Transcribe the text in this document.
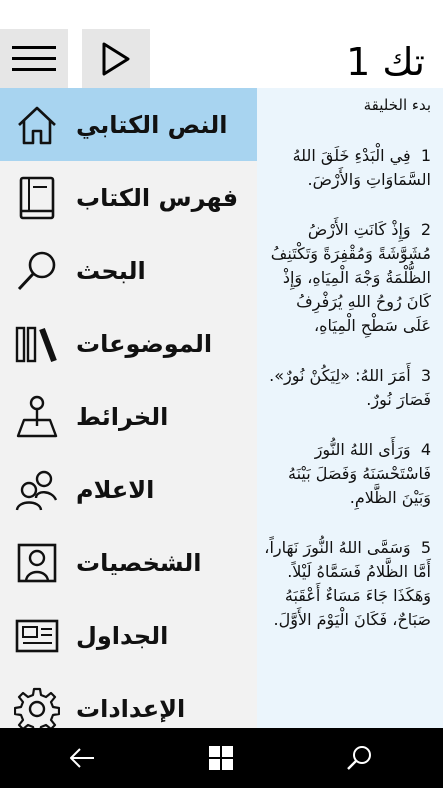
تك 1
النص الكتابي
فهرس الكتاب
البحث
الموضوعات
الخرائط
الاعلام
الشخصيات
الجداول
الإعدادات
بدء الخليقة
1  فِي الْبَدْءِ خَلَقَ اللهُ السَّمَاوَاتِ وَالأَرْضَ.
2  وَإِذْ كَانَتِ الأَرْضُ مُشَوَّشَةً وَمُقْفِرَةً وَتَكْتَنِفُ الظُّلْمَةُ وَجْهَ الْمِيَاهِ، وَإِذْ كَانَ رُوحُ اللهِ يُرَفْرِفُ عَلَى سَطْحِ الْمِيَاهِ،
3  أَمَرَ اللهُ: «لِيَكُنْ نُورٌ». فَصَارَ نُورٌ.
4  وَرَأَى اللهُ النُّورَ فَاسْتَحْسَنَهُ وَفَصَلَ بَيْنَهُ وَبَيْنَ الظَّلامِ.
5  وَسَمَّى اللهُ النُّورَ نَهَاراً، أَمَّا الظَّلامُ فَسَمَّاهُ لَيْلاً. وَهَكَذَا جَاءَ مَسَاءٌ أَعْقَبَهُ صَبَاحٌ، فَكَانَ الْيَوْمَ الأَوَّلَ.
